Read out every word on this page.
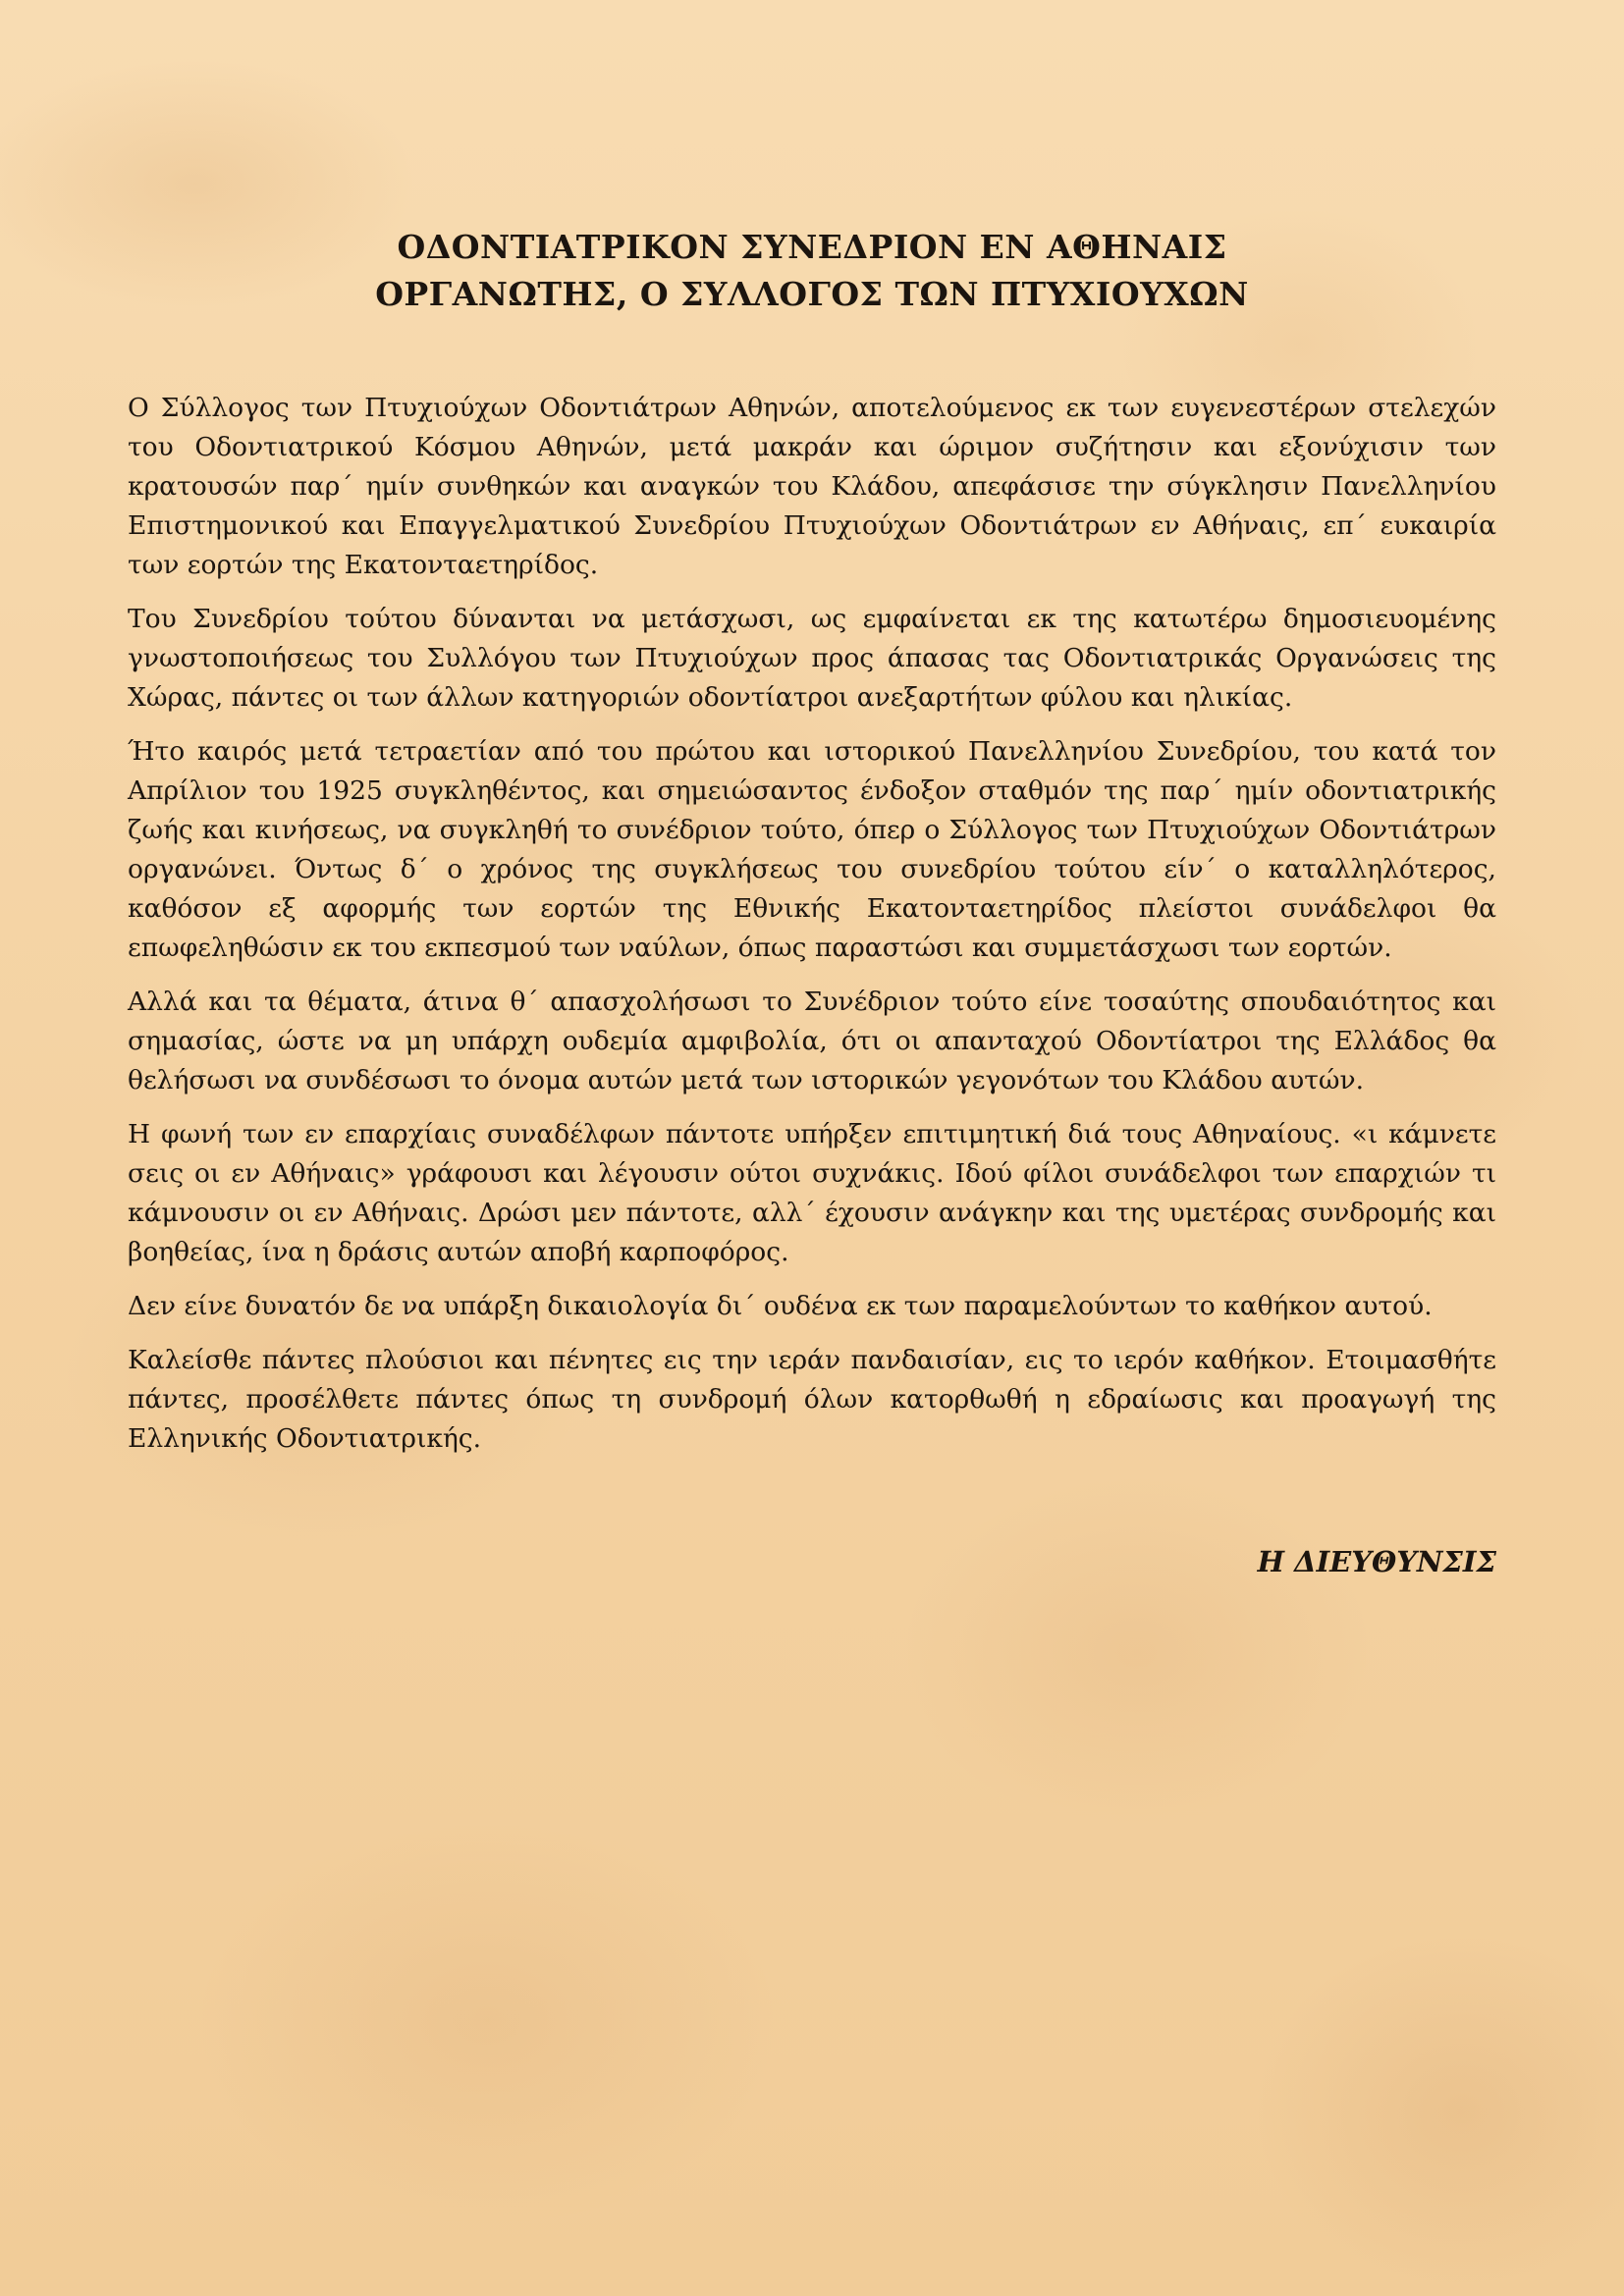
ΟΔΟΝΤΙΑΤΡΙΚΟΝ ΣΥΝΕΔΡΙΟΝ ΕΝ ΑΘΗΝΑΙΣ

ΟΡΓΑΝΩΤΗΣ, Ο ΣΥΛΛΟΓΟΣ ΤΩΝ ΠΤΥΧΙΟΥΧΩΝ

Ο Σύλλογος των Πτυχιούχων Οδοντιάτρων Αθηνών, αποτελούμενος εκ των ευγενεστέρων στελεχών του Οδοντιατρικού Κόσμου Αθηνών, μετά μακράν και ώριμον συζήτησιν και εξονύχισιν των κρατουσών παρ΄ ημίν συνθηκών και αναγκών του Κλάδου, απεφάσισε την σύγκλησιν Πανελληνίου Επιστημονικού και Επαγγελματικού Συνεδρίου Πτυχιούχων Οδοντιάτρων εν Αθήναις, επ΄ ευκαιρία των εορτών της Εκατονταετηρίδος.

Του Συνεδρίου τούτου δύνανται να μετάσχωσι, ως εμφαίνεται εκ της κατωτέρω δημοσιευομένης γνωστοποιήσεως του Συλλόγου των Πτυχιούχων προς άπασας τας Οδοντιατρικάς Οργανώσεις της Χώρας, πάντες οι των άλλων κατηγοριών οδοντίατροι ανεξαρτήτων φύλου και ηλικίας.

Ήτο καιρός μετά τετραετίαν από του πρώτου και ιστορικού Πανελληνίου Συνεδρίου, του κατά τον Απρίλιον του 1925 συγκληθέντος, και σημειώσαντος ένδοξον σταθμόν της παρ΄ ημίν οδοντιατρικής ζωής και κινήσεως, να συγκληθή το συνέδριον τούτο, όπερ ο Σύλλογος των Πτυχιούχων Οδοντιάτρων οργανώνει. Όντως δ΄ ο χρόνος της συγκλήσεως του συνεδρίου τούτου είν΄ ο καταλληλότερος, καθόσον εξ αφορμής των εορτών της Εθνικής Εκατονταετηρίδος πλείστοι συνάδελφοι θα επωφεληθώσιν εκ του εκπεσμού των ναύλων, όπως παραστώσι και συμμετάσχωσι των εορτών.

Αλλά και τα θέματα, άτινα θ΄ απασχολήσωσι το Συνέδριον τούτο είνε τοσαύτης σπουδαιότητος και σημασίας, ώστε να μη υπάρχη ουδεμία αμφιβολία, ότι οι απανταχού Οδοντίατροι της Ελλάδος θα θελήσωσι να συνδέσωσι το όνομα αυτών μετά των ιστορικών γεγονότων του Κλάδου αυτών.

Η φωνή των εν επαρχίαις συναδέλφων πάντοτε υπήρξεν επιτιμητική διά τους Αθηναίους. «ι κάμνετε σεις οι εν Αθήναις» γράφουσι και λέγουσιν ούτοι συχνάκις. Ιδού φίλοι συνάδελφοι των επαρχιών τι κάμνουσιν οι εν Αθήναις. Δρώσι μεν πάντοτε, αλλ΄ έχουσιν ανάγκην και της υμετέρας συνδρομής και βοηθείας, ίνα η δράσις αυτών αποβή καρποφόρος.

Δεν είνε δυνατόν δε να υπάρξη δικαιολογία δι΄ ουδένα εκ των παραμελούντων το καθήκον αυτού.

Καλείσθε πάντες πλούσιοι και πένητες εις την ιεράν πανδαισίαν, εις το ιερόν καθήκον. Ετοιμασθήτε πάντες, προσέλθετε πάντες όπως τη συνδρομή όλων κατορθωθή η εδραίωσις και προαγωγή της Ελληνικής Οδοντιατρικής.

Η ΔΙΕΥΘΥΝΣΙΣ
